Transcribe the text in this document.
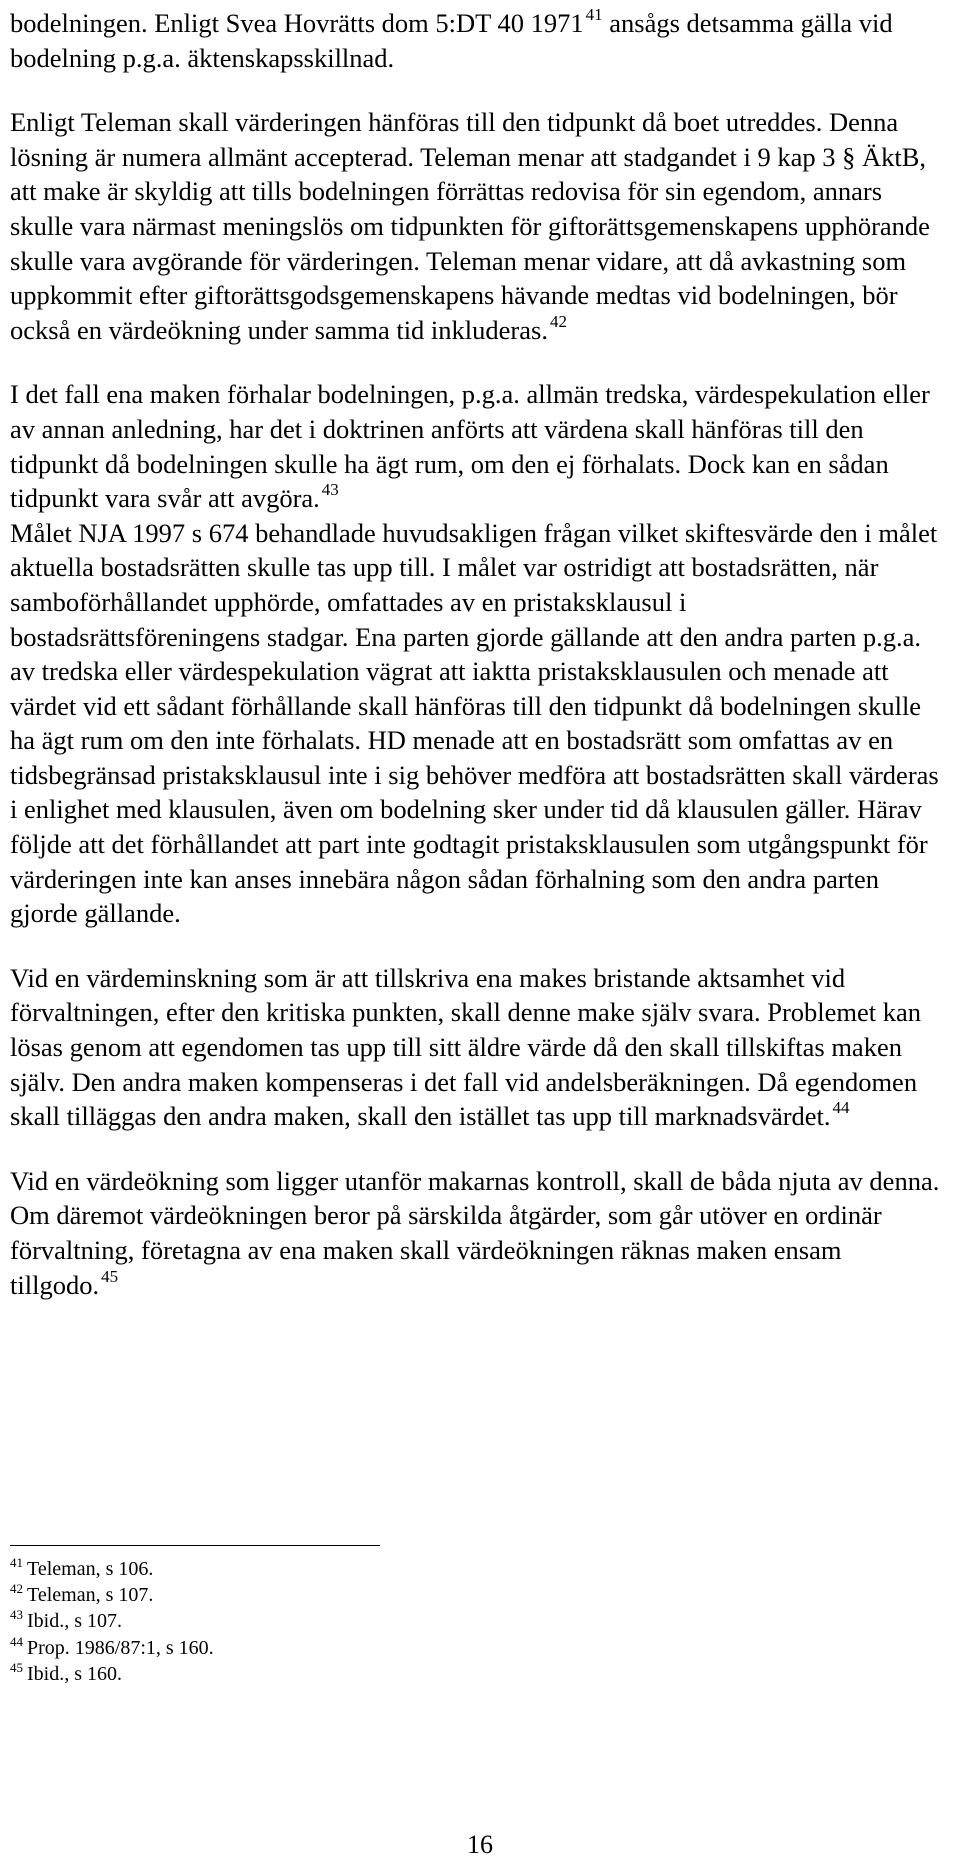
bodelningen. Enligt Svea Hovrätts dom 5:DT 40 1971 $^{41}$ ansågs detsamma gälla vid bodelning p.g.a. äktenskapsskillnad.

Enligt Teleman skall värderingen hänföras till den tidpunkt då boet utreddes. Denna lösning är numera allmänt accepterad. Teleman menar att stadgandet i 9 kap 3 § ÄktB, att make är skyldig att tills bodelningen förrättas redovisa för sin egendom, annars skulle vara närmast meningslös om tidpunkten för giftorättsgemenskapens upphörande skulle vara avgörande för värderingen. Teleman menar vidare, att då avkastning som uppkommit efter giftorättsgodsgemenskapens hävande medtas vid bodelningen, bör också en värdeökning under samma tid inkluderas. $^{42}$

I det fall ena maken förhalar bodelningen, p.g.a. allmän tredska, värdespekulation eller av annan anledning, har det i doktrinen anförts att värdena skall hänföras till den tidpunkt då bodelningen skulle ha ägt rum, om den ej förhalats. Dock kan en sådan tidpunkt vara svår att avgöra. $^{43}$

Målet NJA 1997 s 674 behandlade huvudsakligen frågan vilket skiftesvärde den i målet aktuella bostadsrätten skulle tas upp till. I målet var ostridigt att bostadsrätten, när samboförhållandet upphörde, omfattades av en pristaksklausul i bostadsrättsföreningens stadgar. Ena parten gjorde gällande att den andra parten p.g.a. av tredska eller värdespekulation vägrat att iaktta pristaksklausulen och menade att värdet vid ett sådant förhållande skall hänföras till den tidpunkt då bodelningen skulle ha ägt rum om den inte förhalats. HD menade att en bostadsrätt som omfattas av en tidsbegränsad pristaksklausul inte i sig behöver medföra att bostadsrätten skall värderas i enlighet med klausulen, även om bodelning sker under tid då klausulen gäller. Härav följde att det förhållandet att part inte godtagit pristaksklausulen som utgångspunkt för värderingen inte kan anses innebära någon sådan förhalning som den andra parten gjorde gällande.

Vid en värdeminskning som är att tillskriva ena makes bristande aktsamhet vid förvaltningen, efter den kritiska punkten, skall denne make själv svara. Problemet kan lösas genom att egendomen tas upp till sitt äldre värde då den skall tillskiftas maken själv. Den andra maken kompenseras i det fall vid andelsberäkningen. Då egendomen skall tilläggas den andra maken, skall den istället tas upp till marknadsvärdet. $^{44}$

Vid en värdeökning som ligger utanför makarnas kontroll, skall de båda njuta av denna. Om däremot värdeökningen beror på särskilda åtgärder, som går utöver en ordinär förvaltning, företagna av ena maken skall värdeökningen räknas maken ensam tillgodo. $^{45}$

$^{41}$ Teleman, s 106.
$^{42}$ Teleman, s 107.
$^{43}$ Ibid., s 107.
$^{44}$ Prop. 1986/87:1, s 160.
$^{45}$ Ibid., s 160.
16
